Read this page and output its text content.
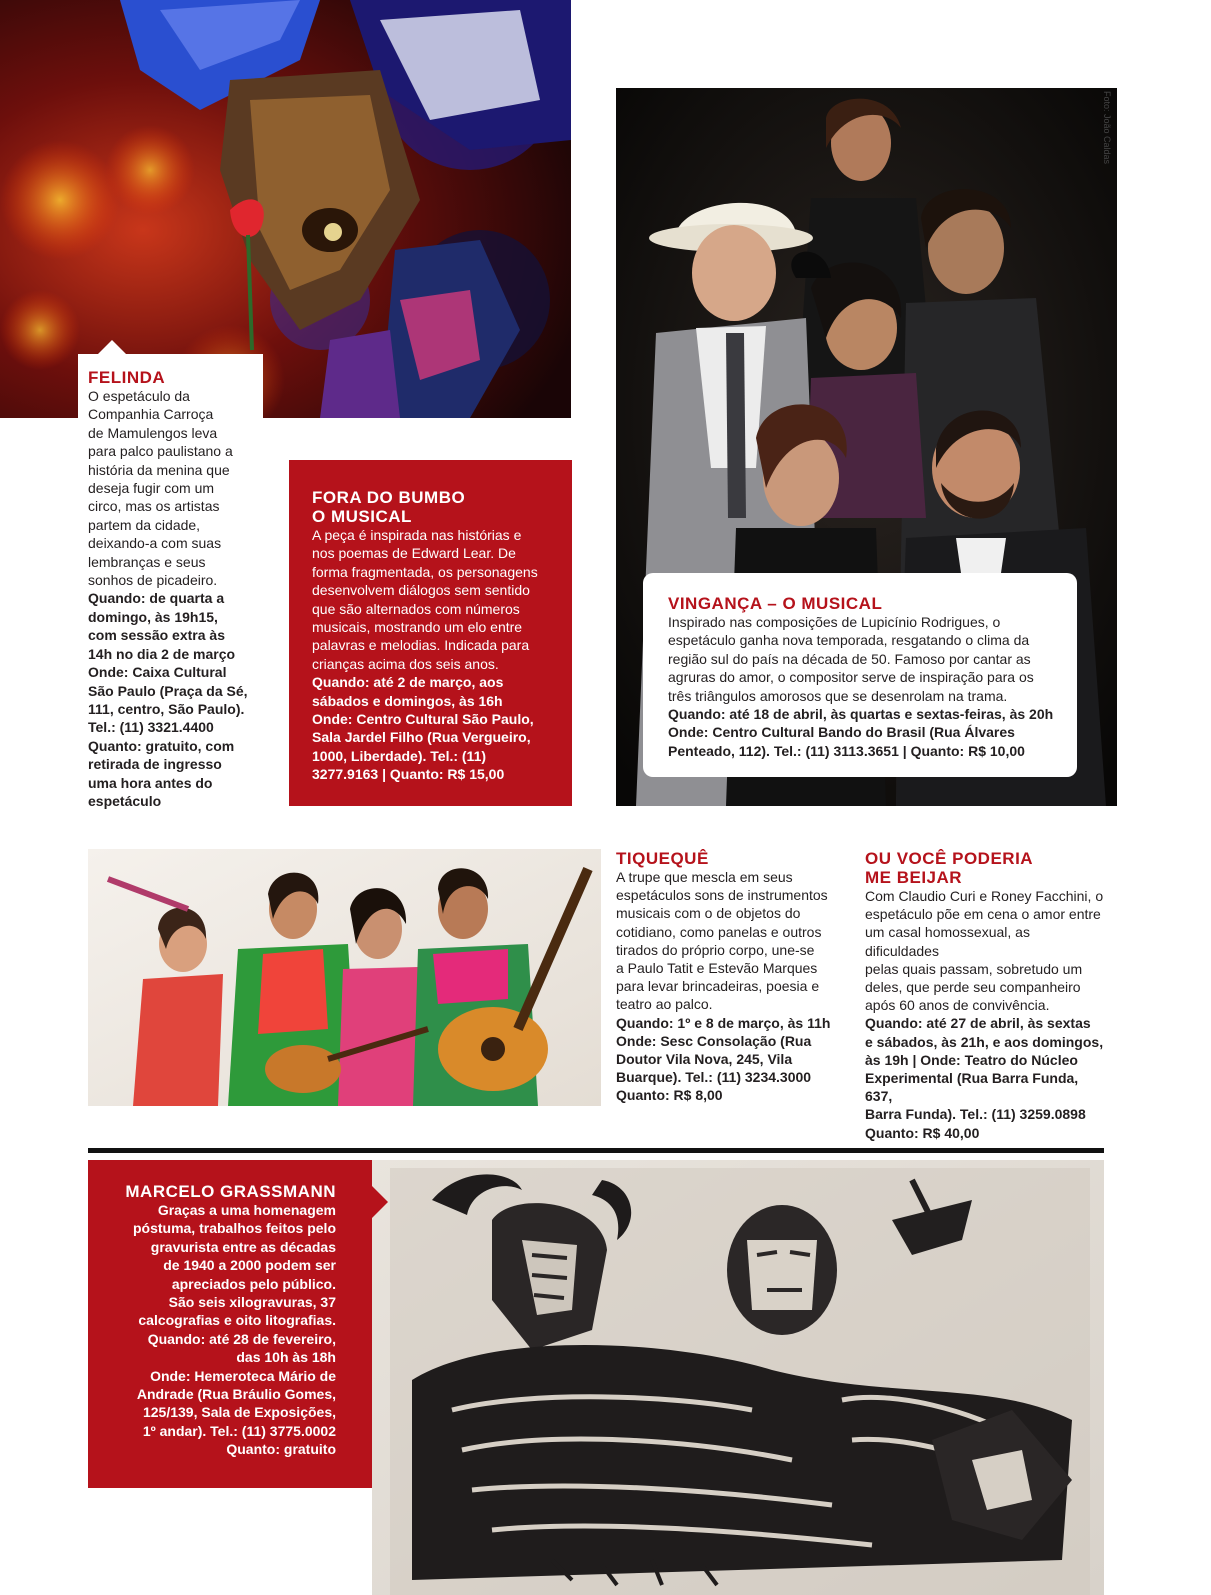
FELINDA
O espetáculo da
Companhia Carroça
de Mamulengos leva
para palco paulistano a
história da menina que
deseja fugir com um
circo, mas os artistas
partem da cidade,
deixando-a com suas
lembranças e seus
sonhos de picadeiro.
Quando: de quarta a
domingo, às 19h15,
com sessão extra às
14h no dia 2 de março
Onde: Caixa Cultural
São Paulo (Praça da Sé,
111, centro, São Paulo).
Tel.: (11) 3321.4400
Quanto: gratuito, com
retirada de ingresso
uma hora antes do
espetáculo
FORA DO BUMBO
O MUSICAL
A peça é inspirada nas histórias e
nos poemas de Edward Lear. De
forma fragmentada, os personagens
desenvolvem diálogos sem sentido
que são alternados com números
musicais, mostrando um elo entre
palavras e melodias. Indicada para
crianças acima dos seis anos.
Quando: até 2 de março, aos
sábados e domingos, às 16h
Onde: Centro Cultural São Paulo,
Sala Jardel Filho (Rua Vergueiro,
1000, Liberdade). Tel.: (11)
3277.9163 | Quanto: R$ 15,00
Foto: João Caldas
VINGANÇA – O MUSICAL
Inspirado nas composições de Lupicínio Rodrigues, o
espetáculo ganha nova temporada, resgatando o clima da
região sul do país na década de 50. Famoso por cantar as
agruras do amor, o compositor serve de inspiração para os
três triângulos amorosos que se desenrolam na trama.
Quando: até 18 de abril, às quartas e sextas-feiras, às 20h
Onde: Centro Cultural Bando do Brasil (Rua Álvares
Penteado, 112). Tel.: (11) 3113.3651 | Quanto: R$ 10,00
TIQUEQUÊ
A trupe que mescla em seus
espetáculos sons de instrumentos
musicais com o de objetos do
cotidiano, como panelas e outros
tirados do próprio corpo, une-se
a Paulo Tatit e Estevão Marques
para levar brincadeiras, poesia e
teatro ao palco.
Quando: 1º e 8 de março, às 11h
Onde: Sesc Consolação (Rua
Doutor Vila Nova, 245, Vila
Buarque). Tel.: (11) 3234.3000
Quanto: R$ 8,00
OU VOCÊ PODERIA
ME BEIJAR
Com Claudio Curi e Roney Facchini, o
espetáculo põe em cena o amor entre
um casal homossexual, as dificuldades
pelas quais passam, sobretudo um
deles, que perde seu companheiro
após 60 anos de convivência.
Quando: até 27 de abril, às sextas
e sábados, às 21h, e aos domingos,
às 19h | Onde: Teatro do Núcleo
Experimental (Rua Barra Funda, 637,
Barra Funda). Tel.: (11) 3259.0898
Quanto: R$ 40,00
MARCELO GRASSMANN
Graças a uma homenagem
póstuma, trabalhos feitos pelo
gravurista entre as décadas
de 1940 a 2000 podem ser
apreciados pelo público.
São seis xilogravuras, 37
calcografias e oito litografias.
Quando: até 28 de fevereiro,
das 10h às 18h
Onde: Hemeroteca Mário de
Andrade (Rua Bráulio Gomes,
125/139, Sala de Exposições,
1º andar). Tel.: (11) 3775.0002
Quanto: gratuito
